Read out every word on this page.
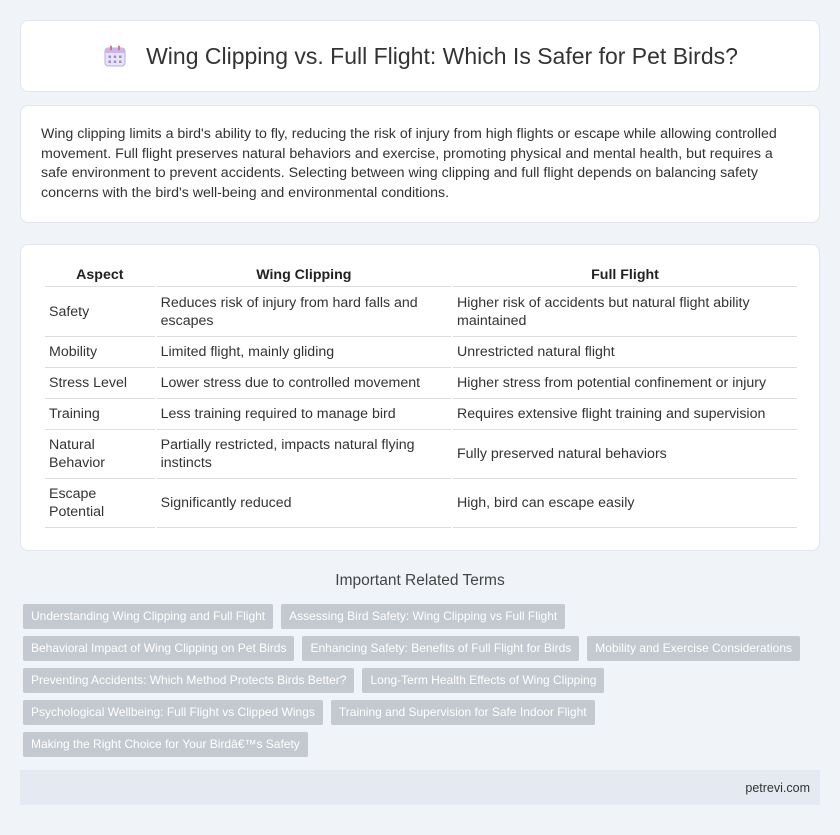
Wing Clipping vs. Full Flight: Which Is Safer for Pet Birds?

Wing clipping limits a bird's ability to fly, reducing the risk of injury from high flights or escape while allowing controlled movement. Full flight preserves natural behaviors and exercise, promoting physical and mental health, but requires a safe environment to prevent accidents. Selecting between wing clipping and full flight depends on balancing safety concerns with the bird's well-being and environmental conditions.

Aspect	Wing Clipping	Full Flight
Safety	Reduces risk of injury from hard falls and escapes	Higher risk of accidents but natural flight ability maintained
Mobility	Limited flight, mainly gliding	Unrestricted natural flight
Stress Level	Lower stress due to controlled movement	Higher stress from potential confinement or injury
Training	Less training required to manage bird	Requires extensive flight training and supervision
Natural Behavior	Partially restricted, impacts natural flying instincts	Fully preserved natural behaviors
Escape Potential	Significantly reduced	High, bird can escape easily
Important Related Terms
Understanding Wing Clipping and Full Flight	Assessing Bird Safety: Wing Clipping vs Full Flight
Behavioral Impact of Wing Clipping on Pet Birds	Enhancing Safety: Benefits of Full Flight for Birds	Mobility and Exercise Considerations
Preventing Accidents: Which Method Protects Birds Better?	Long-Term Health Effects of Wing Clipping
Psychological Wellbeing: Full Flight vs Clipped Wings	Training and Supervision for Safe Indoor Flight
Making the Right Choice for Your Birdâ€™s Safety
petrevi.com
